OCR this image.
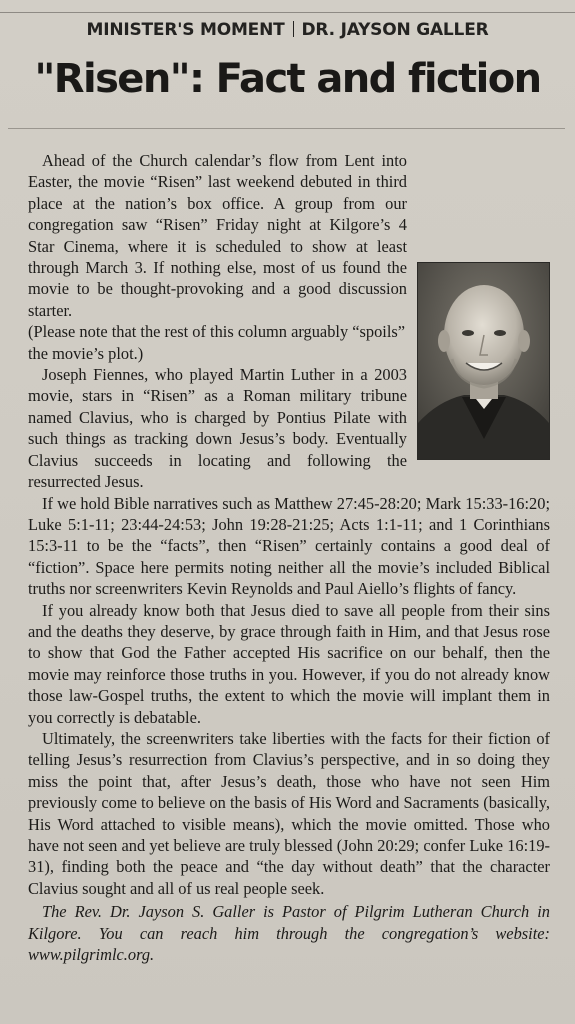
MINISTER'S MOMENT DR. JAYSON GALLER
"Risen": Fact and fiction

Ahead of the Church calendar’s flow from Lent into Easter, the movie “Risen” last weekend debuted in third place at the nation’s box office. A group from our congregation saw “Risen” Friday night at Kilgore’s 4 Star Cinema, where it is scheduled to show at least through March 3. If nothing else, most of us found the movie to be thought-provoking and a good discussion starter.

(Please note that the rest of this column arguably “spoils” the movie’s plot.)

Joseph Fiennes, who played Martin Luther in a 2003 movie, stars in “Risen” as a Roman military tribune named Clavius, who is charged by Pontius Pilate with such things as tracking down Jesus’s body. Eventually Clavius succeeds in locating and following the resurrected Jesus.

If we hold Bible narratives such as Matthew 27:45-28:20; Mark 15:33-16:20; Luke 5:1-11; 23:44-24:53; John 19:28-21:25; Acts 1:1-11; and 1 Corinthians 15:3-11 to be the “facts”, then “Risen” certainly contains a good deal of “fiction”. Space here permits noting neither all the movie’s included Biblical truths nor screenwriters Kevin Reynolds and Paul Aiello’s flights of fancy.

If you already know both that Jesus died to save all people from their sins and the deaths they deserve, by grace through faith in Him, and that Jesus rose to show that God the Father accepted His sacrifice on our behalf, then the movie may reinforce those truths in you. However, if you do not already know those law-Gospel truths, the extent to which the movie will implant them in you correctly is debatable.

Ultimately, the screenwriters take liberties with the facts for their fiction of telling Jesus’s resurrection from Clavius’s perspective, and in so doing they miss the point that, after Jesus’s death, those who have not seen Him previously come to believe on the basis of His Word and Sacraments (basically, His Word attached to visible means), which the movie omitted. Those who have not seen and yet believe are truly blessed (John 20:29; confer Luke 16:19-31), finding both the peace and “the day without death” that the character Clavius sought and all of us real people seek.

The Rev. Dr. Jayson S. Galler is Pastor of Pilgrim Lutheran Church in Kilgore. You can reach him through the congregation’s website: www.pilgrimlc.org.
